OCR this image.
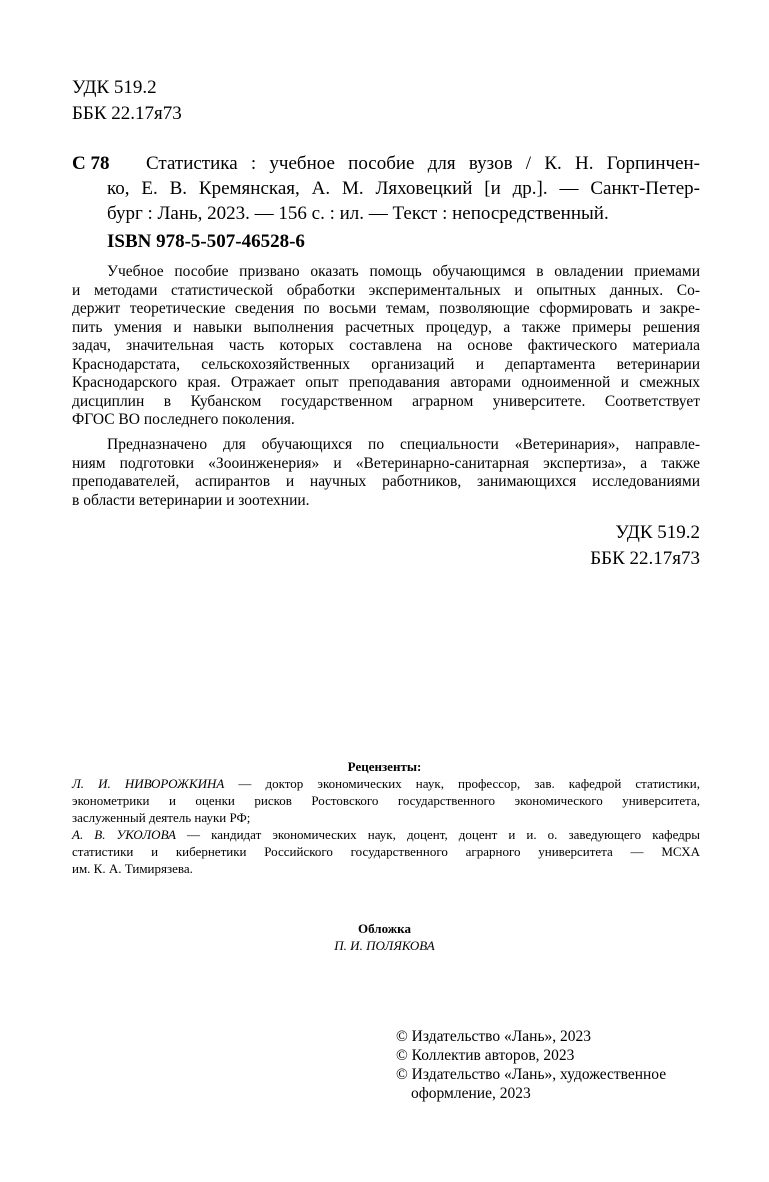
УДК 519.2
ББК 22.17я73
С 78 Статистика : учебное пособие для вузов / К. Н. Горпинчен-
ко, Е. В. Кремянская, А. М. Ляховецкий [и др.]. — Санкт-Петер-
бург : Лань, 2023. — 156 с. : ил. — Текст : непосредственный.
ISBN 978-5-507-46528-6
Учебное пособие призвано оказать помощь обучающимся в овладении приемами
и методами статистической обработки экспериментальных и опытных данных. Со-
держит теоретические сведения по восьми темам, позволяющие сформировать и закре-
пить умения и навыки выполнения расчетных процедур, а также примеры решения
задач, значительная часть которых составлена на основе фактического материала
Краснодарстата, сельскохозяйственных организаций и департамента ветеринарии
Краснодарского края. Отражает опыт преподавания авторами одноименной и смежных
дисциплин в Кубанском государственном аграрном университете. Соответствует
ФГОС ВО последнего поколения.
Предназначено для обучающихся по специальности «Ветеринария», направле-
ниям подготовки «Зооинженерия» и «Ветеринарно-санитарная экспертиза», а также
преподавателей, аспирантов и научных работников, занимающихся исследованиями
в области ветеринарии и зоотехнии.
УДК 519.2
ББК 22.17я73
Рецензенты:
Л. И. НИВОРОЖКИНА — доктор экономических наук, профессор, зав. кафедрой статистики,
эконометрики и оценки рисков Ростовского государственного экономического университета,
заслуженный деятель науки РФ;
А. В. УКОЛОВА — кандидат экономических наук, доцент, доцент и и. о. заведующего кафедры
статистики и кибернетики Российского государственного аграрного университета — МСХА
им. К. А. Тимирязева.
Обложка
П. И. ПОЛЯКОВА
© Издательство «Лань», 2023
© Коллектив авторов, 2023
© Издательство «Лань», художественное
оформление, 2023
